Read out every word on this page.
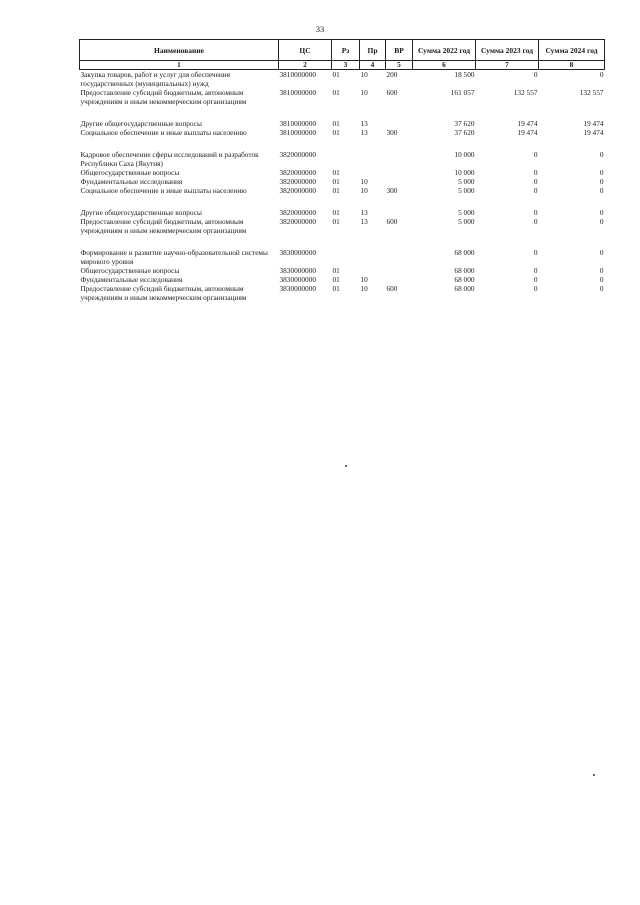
33
Наименование	ЦС	Рз	Пр	ВР	Сумма 2022 год	Сумма 2023 год	Сумма 2024 год
1	2	3	4	5	6	7	8
Закупка товаров, работ и услуг для обеспечения государственных (муниципальных) нужд	3810000000	01	10	200	18 500	0	0
Предоставление субсидий бюджетным, автономным учреждениям и иным некоммерческим организациям	3810000000	01	10	600	161 057	132 557	132 557

Другие общегосударственные вопросы	3810000000	01	13		37 620	19 474	19 474
Социальное обеспечение и иные выплаты населению	3810000000	01	13	300	37 620	19 474	19 474

Кадровое обеспечение сферы исследований и разработок Республики Саха (Якутия)	3820000000				10 000	0	0
Общегосударственные вопросы	3820000000	01			10 000	0	0
Фундаментальные исследования	3820000000	01	10		5 000	0	0
Социальное обеспечение и иные выплаты населению	3820000000	01	10	300	5 000	0	0

Другие общегосударственные вопросы	3820000000	01	13		5 000	0	0
Предоставление субсидий бюджетным, автономным учреждениям и иным некоммерческим организациям	3820000000	01	13	600	5 000	0	0

Формирование и развитие научно-образовательной системы мирового уровня	3830000000				68 000	0	0
Общегосударственные вопросы	3830000000	01			68 000	0	0
Фундаментальные исследования	3830000000	01	10		68 000	0	0
Предоставление субсидий бюджетным, автономным учреждениям и иным некоммерческим организациям	3830000000	01	10	600	68 000	0	0
